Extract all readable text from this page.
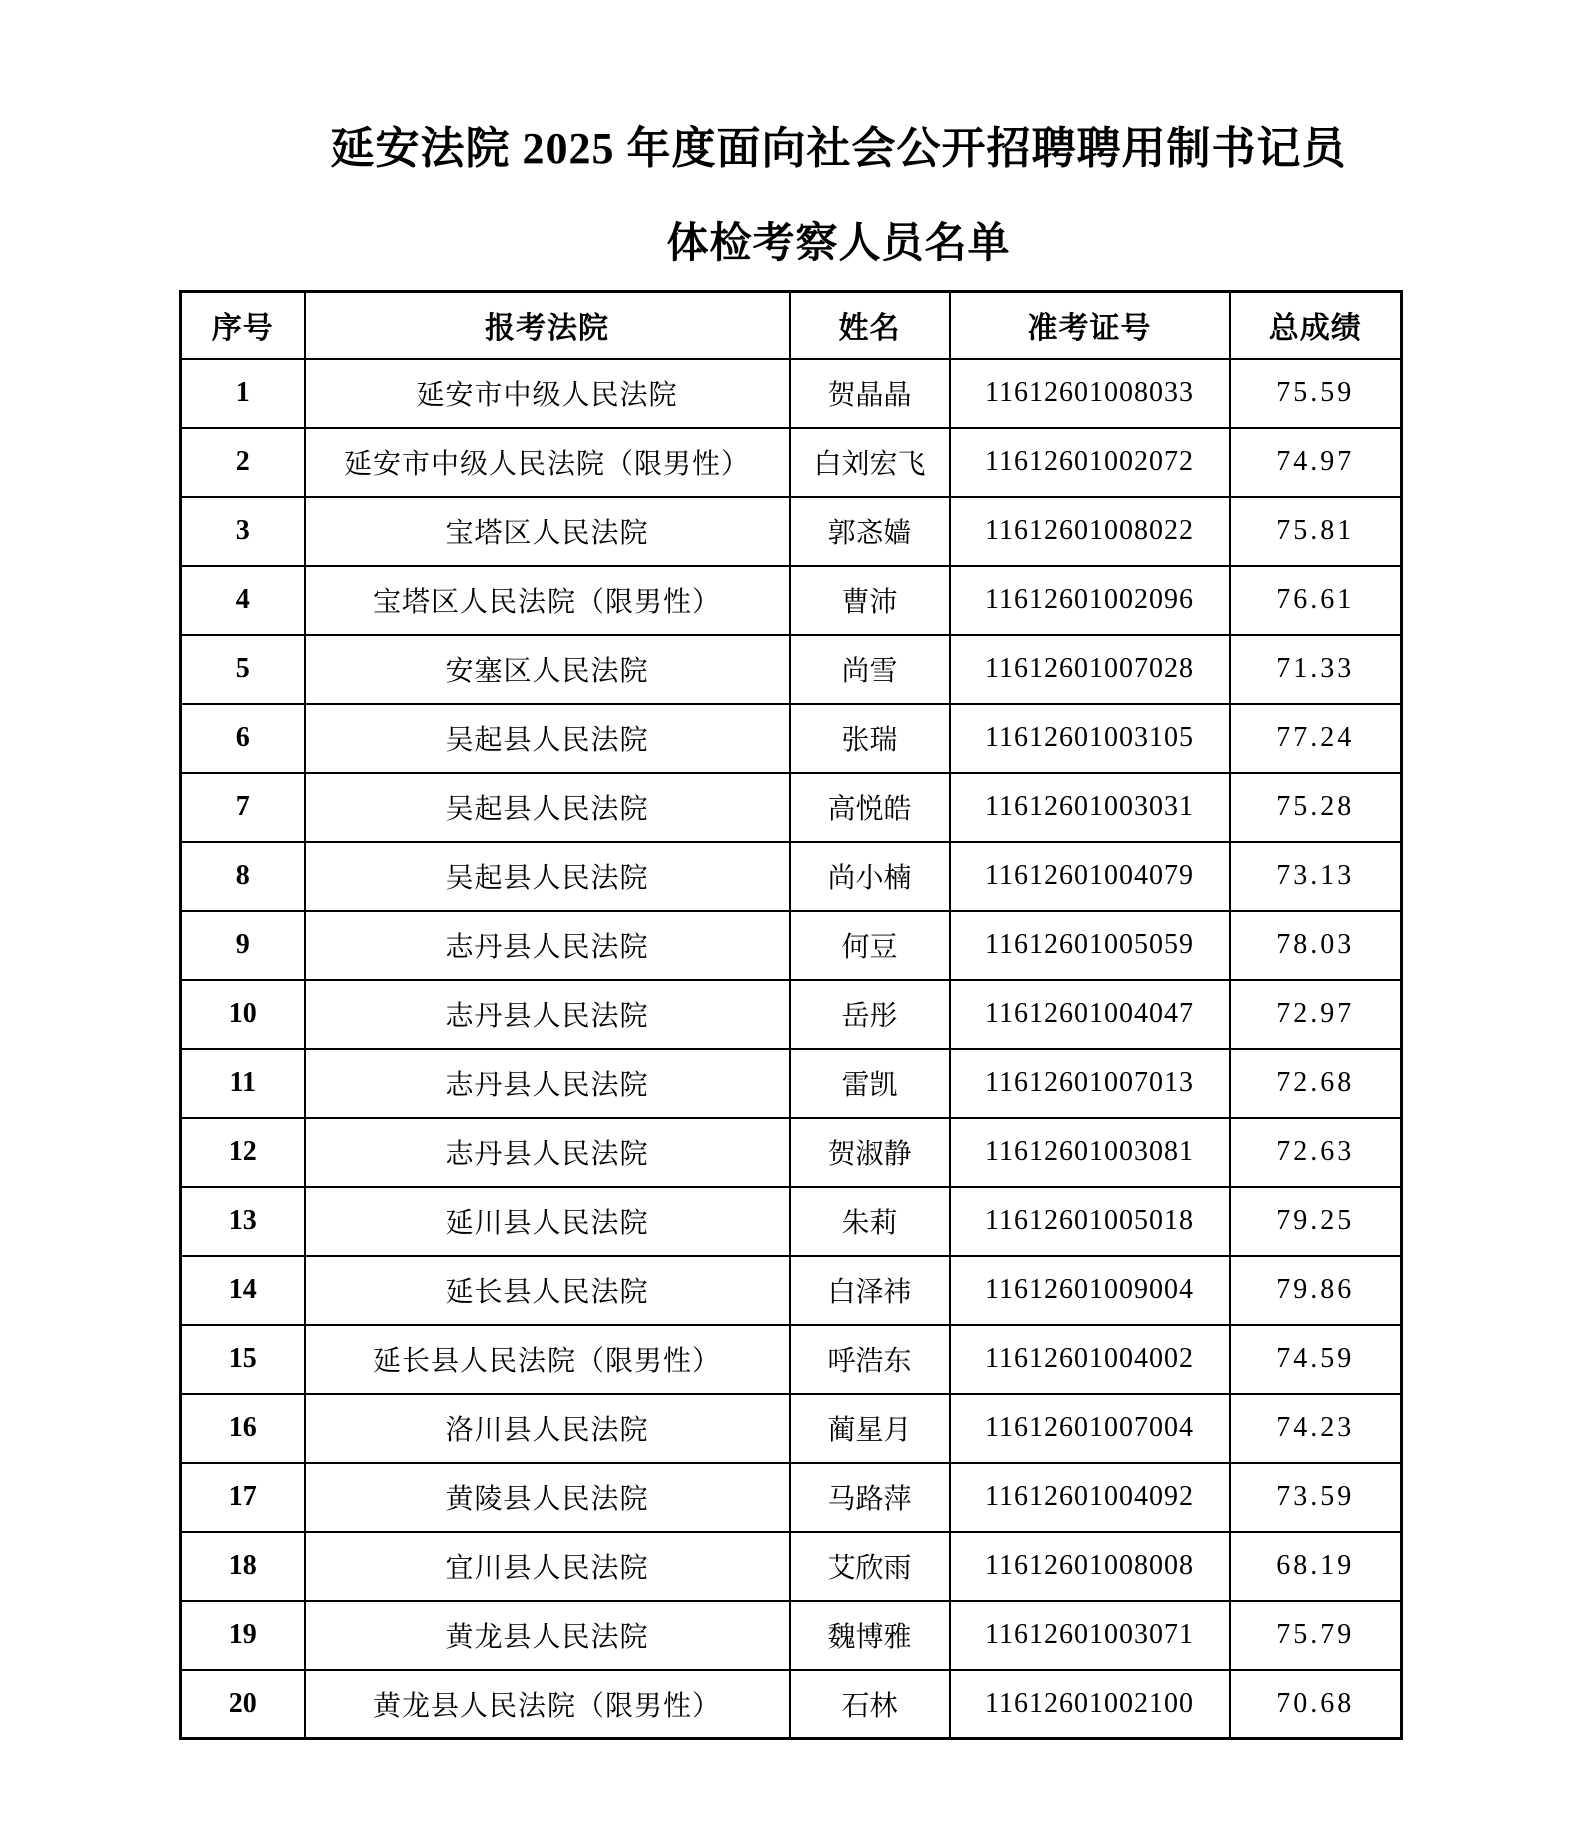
延安法院 2025 年度面向社会公开招聘聘用制书记员
体检考察人员名单
序号	报考法院	姓名	准考证号	总成绩
1	延安市中级人民法院	贺晶晶	11612601008033	75.59
2	延安市中级人民法院（限男性）	白刘宏飞	11612601002072	74.97
3	宝塔区人民法院	郭忞嫱	11612601008022	75.81
4	宝塔区人民法院（限男性）	曹沛	11612601002096	76.61
5	安塞区人民法院	尚雪	11612601007028	71.33
6	吴起县人民法院	张瑞	11612601003105	77.24
7	吴起县人民法院	高悦皓	11612601003031	75.28
8	吴起县人民法院	尚小楠	11612601004079	73.13
9	志丹县人民法院	何豆	11612601005059	78.03
10	志丹县人民法院	岳彤	11612601004047	72.97
11	志丹县人民法院	雷凯	11612601007013	72.68
12	志丹县人民法院	贺淑静	11612601003081	72.63
13	延川县人民法院	朱莉	11612601005018	79.25
14	延长县人民法院	白泽祎	11612601009004	79.86
15	延长县人民法院（限男性）	呼浩东	11612601004002	74.59
16	洛川县人民法院	蔺星月	11612601007004	74.23
17	黄陵县人民法院	马路萍	11612601004092	73.59
18	宜川县人民法院	艾欣雨	11612601008008	68.19
19	黄龙县人民法院	魏博雅	11612601003071	75.79
20	黄龙县人民法院（限男性）	石林	11612601002100	70.68
